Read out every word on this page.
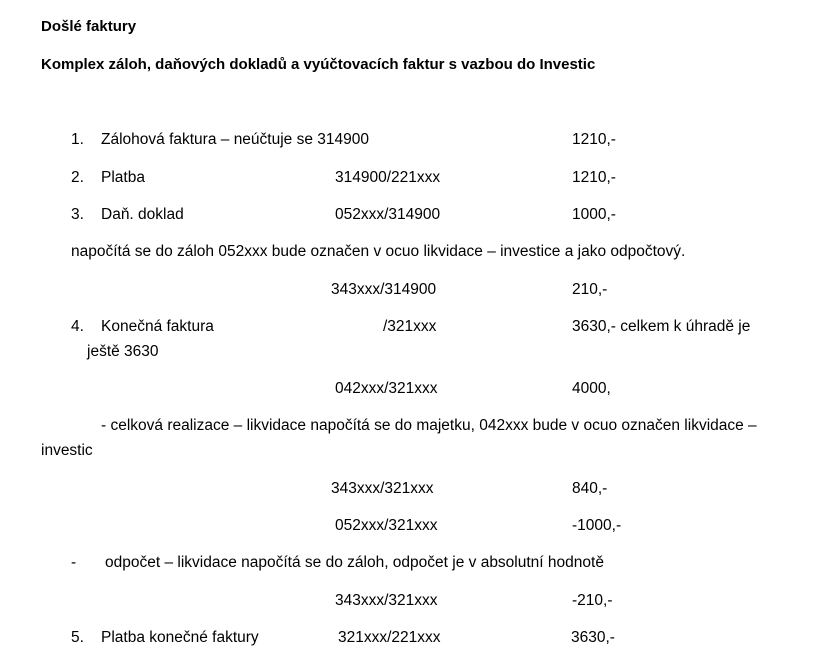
Došlé faktury
Komplex záloh, daňových dokladů a vyúčtovacích faktur s vazbou do Investic
1. Zálohová faktura – neúčtuje se 314900	1210,-
2. Platba	314900/221xxx	1210,-
3. Daň. doklad	052xxx/314900	1000,-
napočítá se do záloh 052xxx bude označen v ocuo likvidace – investice a jako odpočtový.
343xxx/314900	210,-
4. Konečná faktura	/321xxx	3630,- celkem k úhradě je
ještě 3630
042xxx/321xxx	4000,
- celková realizace – likvidace napočítá se do majetku, 042xxx bude v ocuo označen likvidace –
investic
343xxx/321xxx	840,-
052xxx/321xxx	-1000,-
- odpočet – likvidace napočítá se do záloh, odpočet je v absolutní hodnotě
343xxx/321xxx	-210,-
5. Platba konečné faktury	321xxx/221xxx	3630,-
